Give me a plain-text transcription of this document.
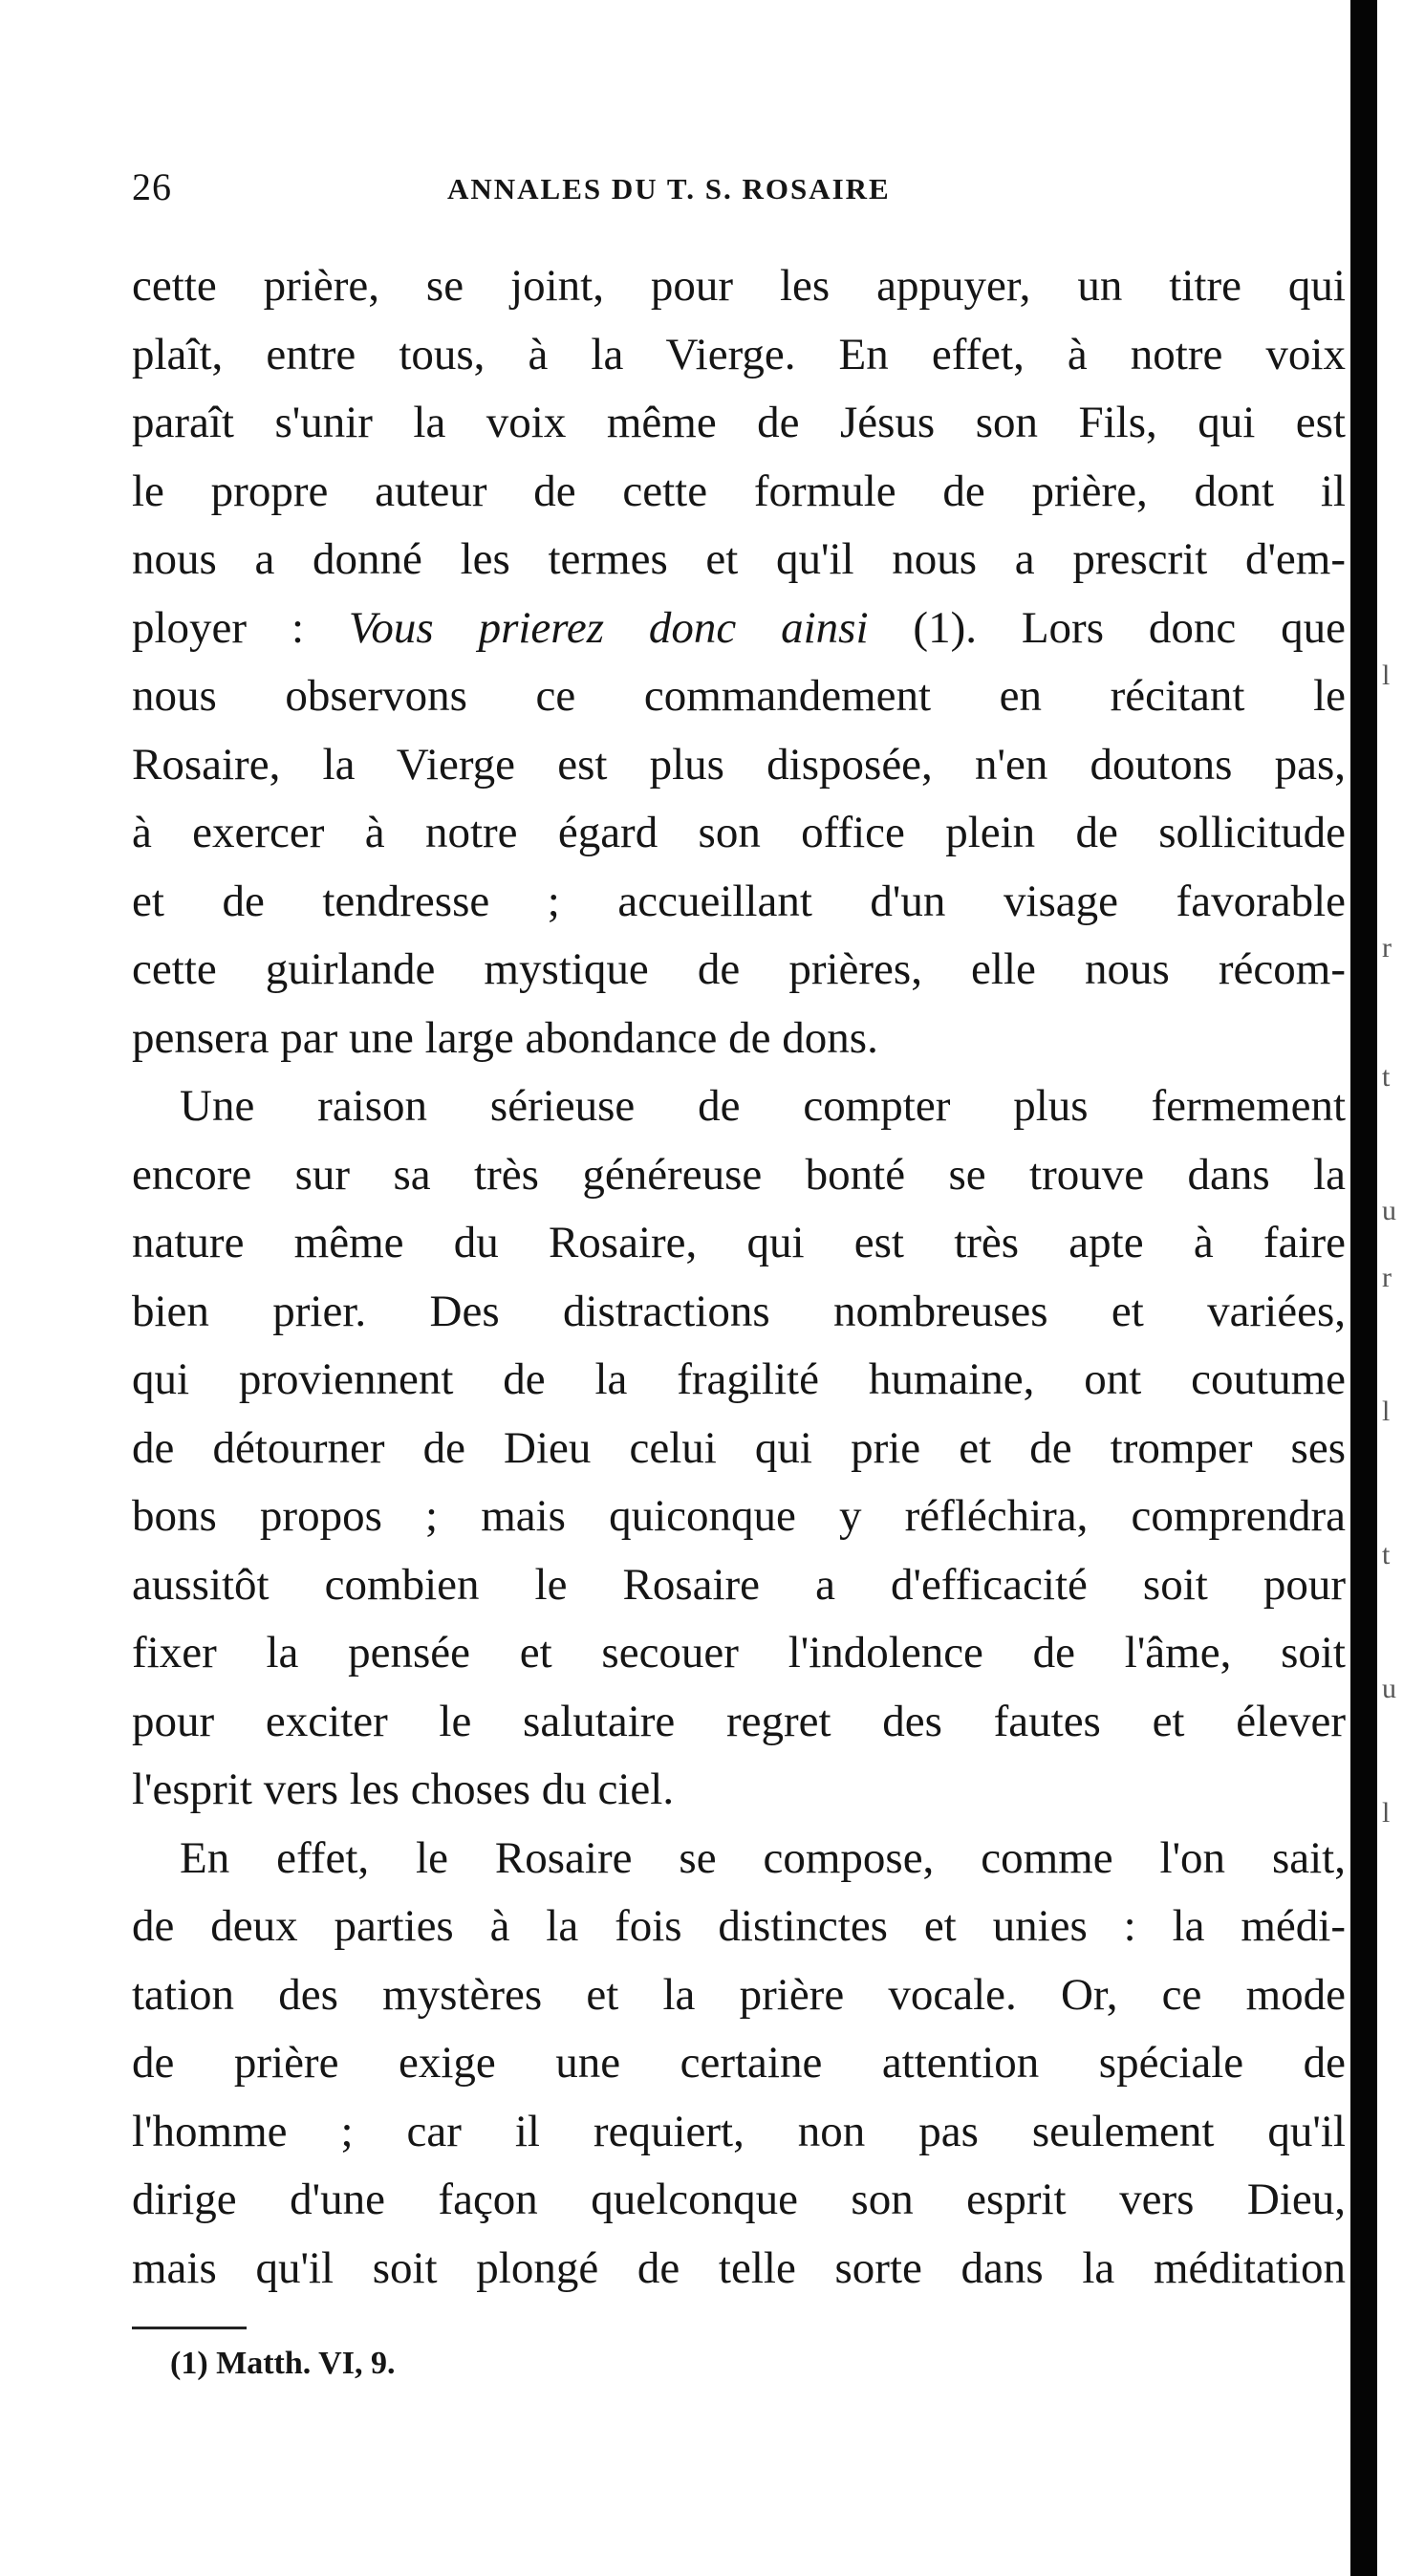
26	ANNALES DU T. S. ROSAIRE
cette prière, se joint, pour les appuyer, un titre qui
plaît, entre tous, à la Vierge. En effet, à notre voix
paraît s'unir la voix même de Jésus son Fils, qui est
le propre auteur de cette formule de prière, dont il
nous a donné les termes et qu'il nous a prescrit d'em-
ployer : Vous prierez donc ainsi (1). Lors donc que
nous observons ce commandement en récitant le
Rosaire, la Vierge est plus disposée, n'en doutons pas,
à exercer à notre égard son office plein de sollicitude
et de tendresse ; accueillant d'un visage favorable
cette guirlande mystique de prières, elle nous récom-
pensera par une large abondance de dons.
Une raison sérieuse de compter plus fermement
encore sur sa très généreuse bonté se trouve dans la
nature même du Rosaire, qui est très apte à faire
bien prier. Des distractions nombreuses et variées,
qui proviennent de la fragilité humaine, ont coutume
de détourner de Dieu celui qui prie et de tromper ses
bons propos ; mais quiconque y réfléchira, comprendra
aussitôt combien le Rosaire a d'efficacité soit pour
fixer la pensée et secouer l'indolence de l'âme, soit
pour exciter le salutaire regret des fautes et élever
l'esprit vers les choses du ciel.
En effet, le Rosaire se compose, comme l'on sait,
de deux parties à la fois distinctes et unies : la médi-
tation des mystères et la prière vocale. Or, ce mode
de prière exige une certaine attention spéciale de
l'homme ; car il requiert, non pas seulement qu'il
dirige d'une façon quelconque son esprit vers Dieu,
mais qu'il soit plongé de telle sorte dans la méditation
(1) Matth. VI, 9.
l
r
t
u
r
l
t
u
l
